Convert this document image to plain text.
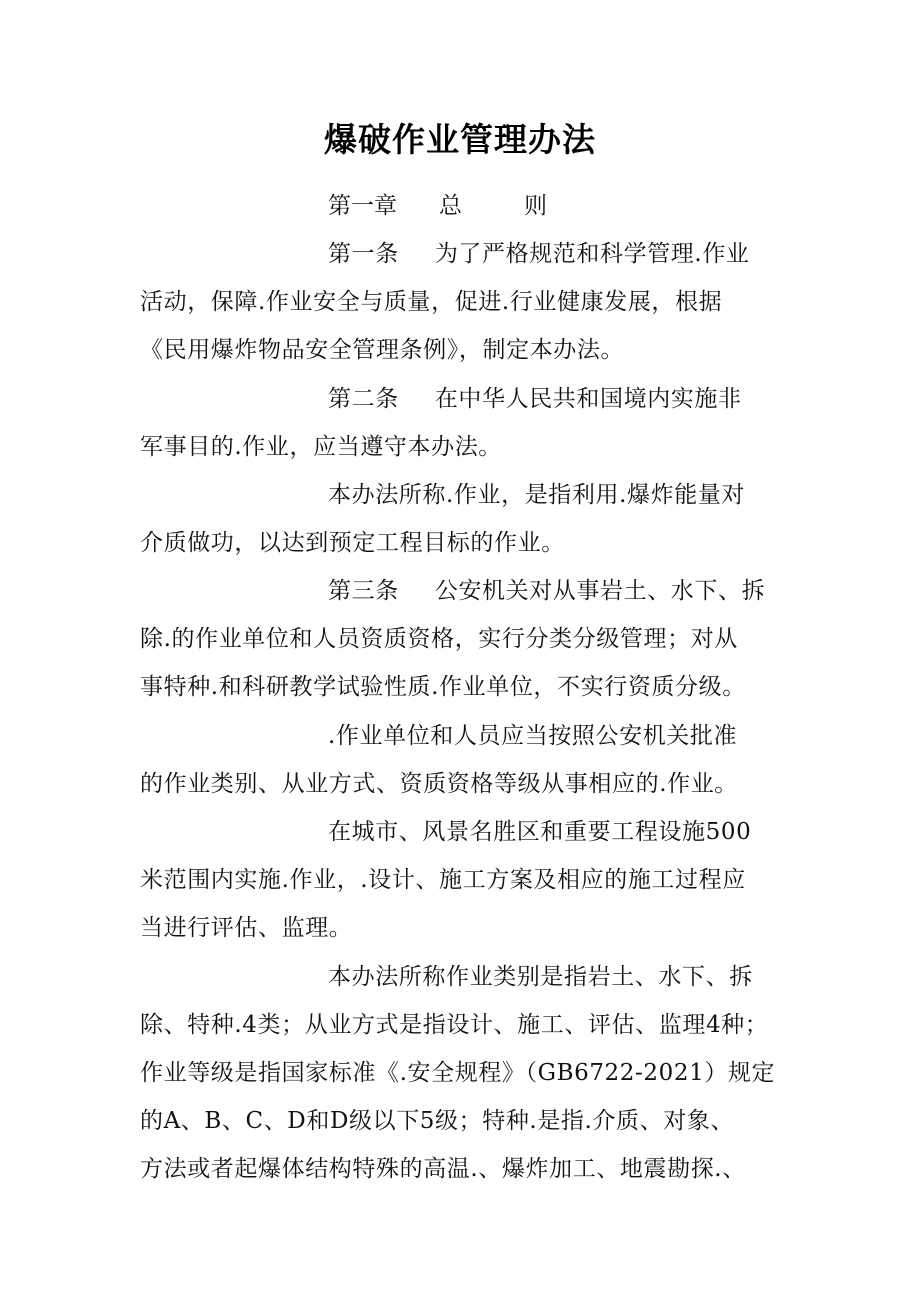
爆破作业管理办法
第一章 总	则
第一条 为了严格规范和科学管理.作业
活动，保障.作业安全与质量，促进.行业健康发展，根据
《民用爆炸物品安全管理条例》，制定本办法。
第二条 在中华人民共和国境内实施非
军事目的.作业，应当遵守本办法。
本办法所称.作业，是指利用.爆炸能量对
介质做功，以达到预定工程目标的作业。
第三条 公安机关对从事岩土、水下、拆
除.的作业单位和人员资质资格，实行分类分级管理；对从
事特种.和科研教学试验性质.作业单位，不实行资质分级。
.作业单位和人员应当按照公安机关批准
的作业类别、从业方式、资质资格等级从事相应的.作业。
在城市、风景名胜区和重要工程设施500
米范围内实施.作业，.设计、施工方案及相应的施工过程应
当进行评估、监理。
本办法所称作业类别是指岩土、水下、拆
除、特种.4类；从业方式是指设计、施工、评估、监理4种；
作业等级是指国家标准《.安全规程》（GB6722-2021）规定
的A、B、C、D和D级以下5级；特种.是指.介质、对象、
方法或者起爆体结构特殊的高温.、爆炸加工、地震勘探.、
